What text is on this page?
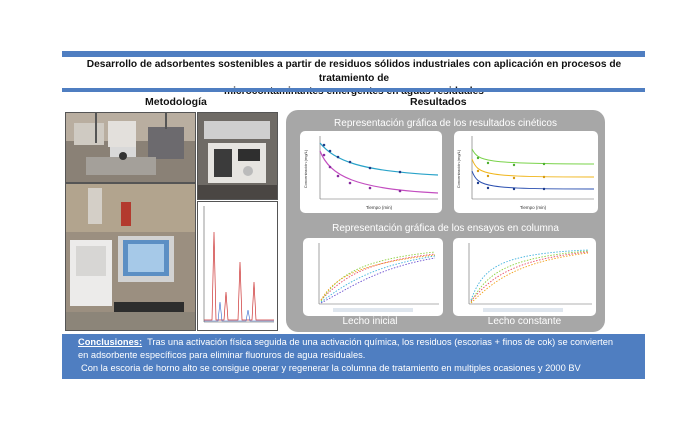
Desarrollo de adsorbentes sostenibles a partir de residuos sólidos industriales con aplicación en procesos de tratamiento de
Metodología	Resultados
Representación gráfica de los resultados cinéticos
Representación gráfica de los ensayos en columna
Lecho inicial	Lecho constante
Tiempo (min)
Concentración (mg/L)
Tiempo (min)
Concentración (mg/L)
Conclusiones: Tras una activación física seguida de una activación química, los residuos (escorias + finos de cok) se convierten
en adsorbente específicos para eliminar fluoruros de agua residuales.
Con la escoria de horno alto se consigue operar y regenerar la columna de tratamiento en multiples ocasiones y 2000 BV
